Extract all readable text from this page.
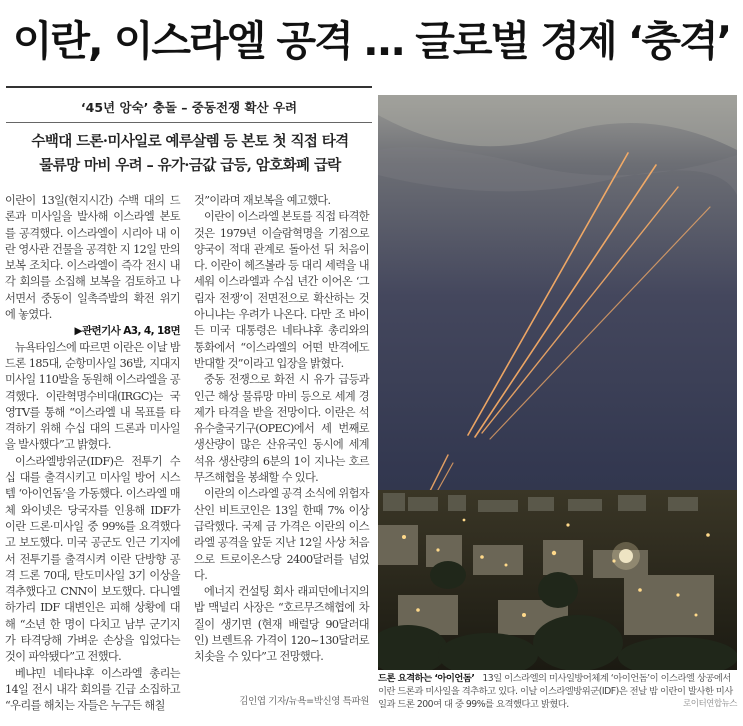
이란, 이스라엘 공격 … 글로벌 경제 ‘충격’
‘45년 앙숙’ 충돌 – 중동전쟁 확산 우려
수백대 드론·미사일로 예루살렘 등 본토 첫 직접 타격
물류망 마비 우려 – 유가·금값 급등, 암호화폐 급락

이란이 13일(현지시간) 수백 대의 드론과 미사일을 발사해 이스라엘 본토를 공격했다. 이스라엘이 시리아 내 이란 영사관 건물을 공격한 지 12일 만의 보복 조치다. 이스라엘이 즉각 전시 내각 회의를 소집해 보복을 검토하고 나서면서 중동이 일촉즉발의 확전 위기에 놓였다.

▶관련기사 A3, 4, 18면

뉴욕타임스에 따르면 이란은 이날 밤 드론 185대, 순항미사일 36발, 지대지미사일 110발을 동원해 이스라엘을 공격했다. 이란혁명수비대(IRGC)는 국영TV를 통해 “이스라엘 내 목표를 타격하기 위해 수십 대의 드론과 미사일을 발사했다”고 밝혔다.

이스라엘방위군(IDF)은 전투기 수십 대를 출격시키고 미사일 방어 시스템 ‘아이언돔’을 가동했다. 이스라엘 매체 와이넷은 당국자를 인용해 IDF가 이란 드론·미사일 중 99%를 요격했다고 보도했다. 미국 공군도 인근 기지에서 전투기를 출격시켜 이란 단방향 공격 드론 70대, 탄도미사일 3기 이상을 격추했다고 CNN이 보도했다. 다니엘 하가리 IDF 대변인은 피해 상황에 대해 “소년 한 명이 다치고 남부 군기지가 타격당해 가벼운 손상을 입었다는 것이 파악됐다”고 전했다.

베냐민 네타냐후 이스라엘 총리는 14일 전시 내각 회의를 긴급 소집하고 “우리를 해치는 자들은 누구든 해칠

것”이라며 재보복을 예고했다.

이란이 이스라엘 본토를 직접 타격한 것은 1979년 이슬람혁명을 기점으로 양국이 적대 관계로 돌아선 뒤 처음이다. 이란이 헤즈볼라 등 대리 세력을 내세워 이스라엘과 수십 년간 이어온 ‘그림자 전쟁’이 전면전으로 확산하는 것 아니냐는 우려가 나온다. 다만 조 바이든 미국 대통령은 네타냐후 총리와의 통화에서 “이스라엘의 어떤 반격에도 반대할 것”이라고 입장을 밝혔다.

중동 전쟁으로 화전 시 유가 급등과 인근 해상 물류망 마비 등으로 세계 경제가 타격을 받을 전망이다. 이란은 석유수출국기구(OPEC)에서 세 번째로 생산량이 많은 산유국인 동시에 세계 석유 생산량의 6분의 1이 지나는 호르무즈해협을 봉쇄할 수 있다.

이란의 이스라엘 공격 소식에 위험자산인 비트코인은 13일 한때 7% 이상 급락했다. 국제 금 가격은 이란의 이스라엘 공격을 앞둔 지난 12일 사상 처음으로 트로이온스당 2400달러를 넘었다.

에너지 컨설팅 회사 래피던에너지의 밥 맥널리 사장은 “호르무즈해협에 차질이 생기면 (현재 배럴당 90달러대인) 브렌트유 가격이 120~130달러로 치솟을 수 있다”고 전망했다.

김인엽 기자/뉴욕=박신영 특파원
드론 요격하는 ‘아이언돔’ 13일 이스라엘의 미사일방어체계 ‘아이언돔’이 이스라엘 상공에서 이란 드론과 미사일을 격추하고 있다. 이날 이스라엘방위군(IDF)은 전날 밤 이란이 발사한 미사일과 드론 200여 대 중 99%를 요격했다고 밝혔다.	로이터연합뉴스
